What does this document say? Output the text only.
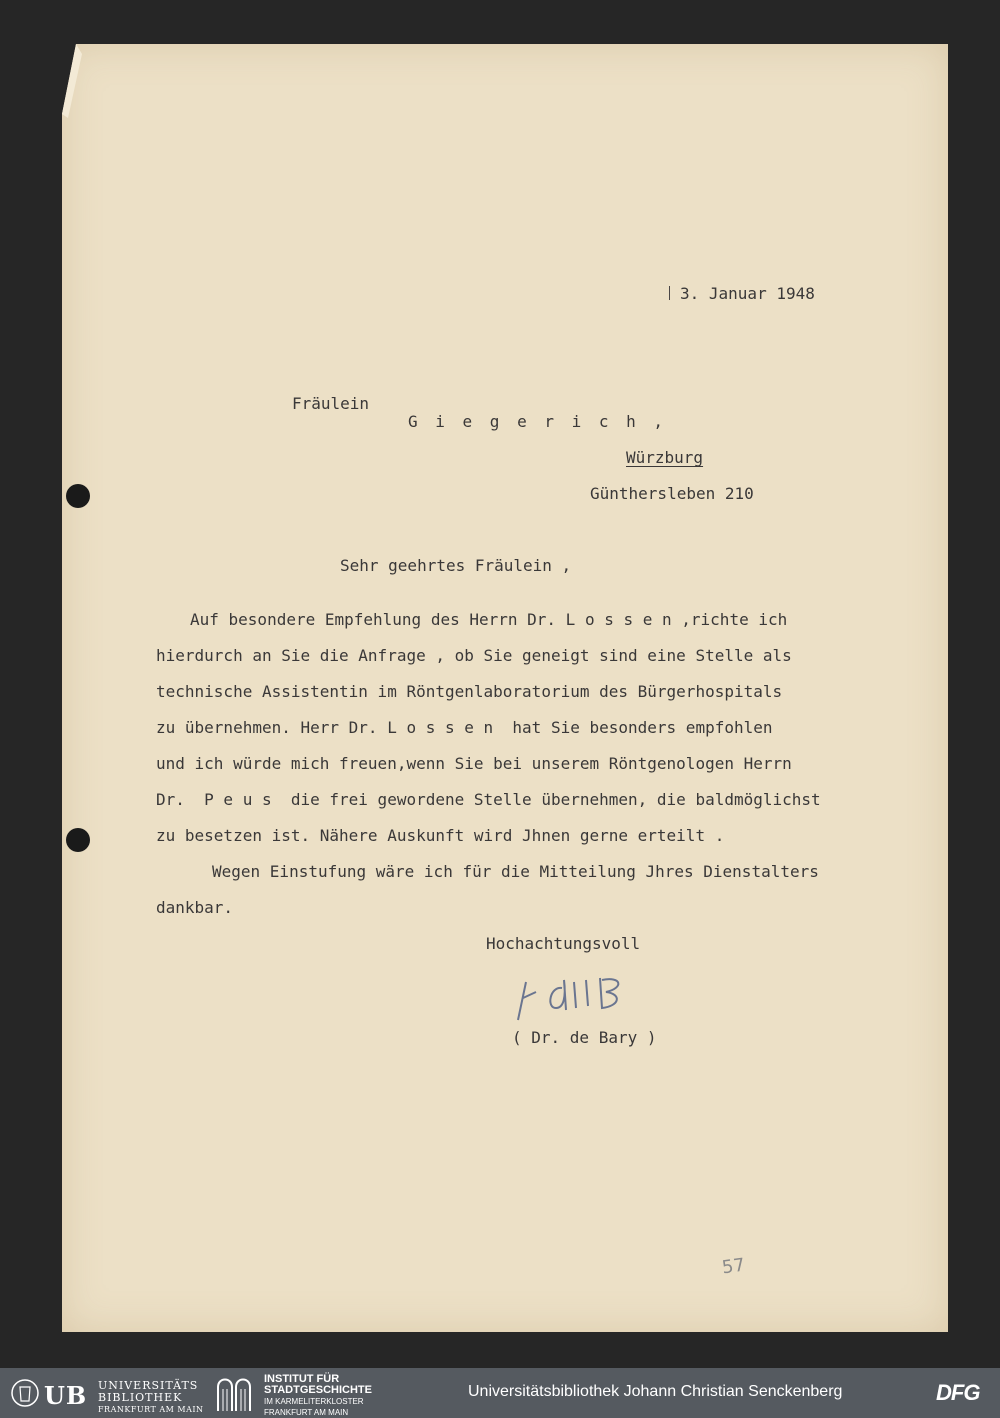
3. Januar 1948
Fräulein
G i e g e r i c h ,
Würzburg
Günthersleben 210
Sehr geehrtes Fräulein ,
Auf besondere Empfehlung des Herrn Dr. L o s s e n ,richte ich
hierdurch an Sie die Anfrage , ob Sie geneigt sind eine Stelle als
technische Assistentin im Röntgenlaboratorium des Bürgerhospitals
zu übernehmen. Herr Dr. L o s s e n  hat Sie besonders empfohlen
und ich würde mich freuen,wenn Sie bei unserem Röntgenologen Herrn
Dr.  P e u s  die frei gewordene Stelle übernehmen, die baldmöglichst
zu besetzen ist. Nähere Auskunft wird Jhnen gerne erteilt .
Wegen Einstufung wäre ich für die Mitteilung Jhres Dienstalters
dankbar.
Hochachtungsvoll
( Dr. de Bary )
57
UB UNIVERSITÄTS
BIBLIOTHEK
FRANKFURT AM MAIN
INSTITUT FÜR
STADTGESCHICHTE
IM KARMELITERKLOSTER
FRANKFURT AM MAIN
Universitätsbibliothek Johann Christian Senckenberg	DFG
